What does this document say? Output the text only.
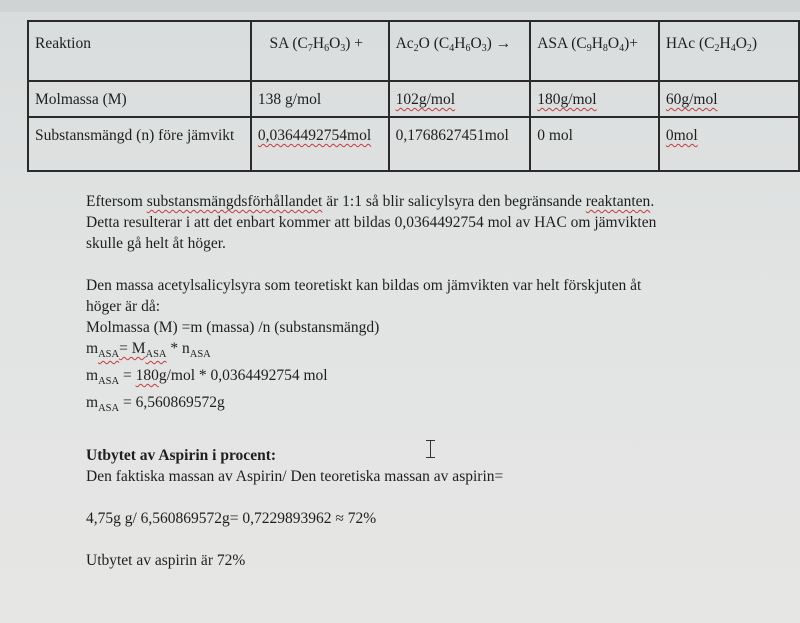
Reaktion	SA $(C_7H_6O_3)$ +	$Ac_2O$ $(C_4H_6O_3)$ →	ASA $(C_9H_8O_4)+$	HAc $(C_2H_4O_2)$
Molmassa (M)	138 g/mol	102g/mol	180g/mol	60g/mol
Substansmängd (n) före jämvikt	0,0364492754mol	0,1768627451mol	0 mol	0mol

Eftersom substansmängdsförhållandet är 1:1 så blir salicylsyra den begränsande reaktanten.

Detta resulterar i att det enbart kommer att bildas 0,0364492754 mol av HAC om jämvikten

skulle gå helt åt höger.

Den massa acetylsalicylsyra som teoretiskt kan bildas om jämvikten var helt förskjuten åt

höger är då:

Molmassa (M) =m (massa) /n (substansmängd)

$m_{ASA}= M_{ASA} * n_{ASA}$

$m_{ASA} = 180g/mol * 0,0364492754$ mol

$m_{ASA} = 6,560869572g$

Utbytet av Aspirin i procent:

Den faktiska massan av Aspirin/ Den teoretiska massan av aspirin=

4,75g g/ 6,560869572g= 0,7229893962 ≈ 72%

Utbytet av aspirin är 72%
